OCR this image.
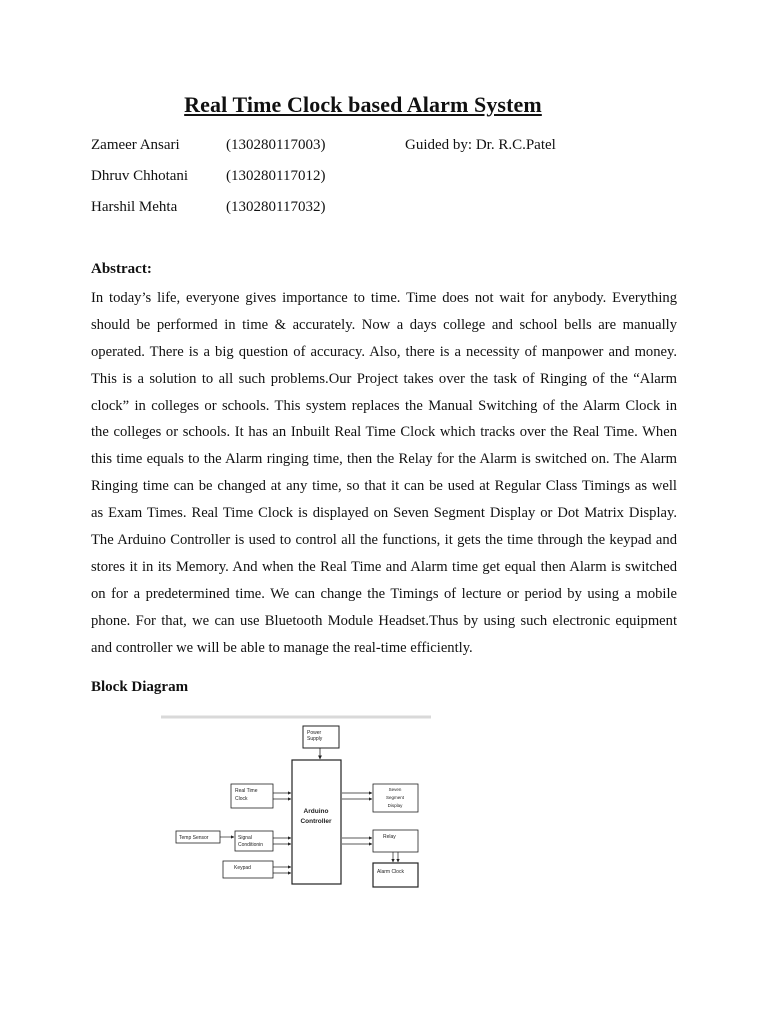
Real Time Clock based Alarm System
Zameer Ansari	(130280117003)	Guided by: Dr. R.C.Patel
Dhruv Chhotani	(130280117012)
Harshil Mehta	(130280117032)
Abstract:
In today’s life, everyone gives importance to time. Time does not wait for anybody. Everything
should be performed in time & accurately. Now a days college and school bells are manually
operated. There is a big question of accuracy. Also, there is a necessity of manpower and money.
This is a solution to all such problems.Our Project takes over the task of Ringing of the “Alarm
clock” in colleges or schools. This system replaces the Manual Switching of the Alarm Clock in
the colleges or schools. It has an Inbuilt Real Time Clock which tracks over the Real Time. When
this time equals to the Alarm ringing time, then the Relay for the Alarm is switched on. The Alarm
Ringing time can be changed at any time, so that it can be used at Regular Class Timings as well
as Exam Times. Real Time Clock is displayed on Seven Segment Display or Dot Matrix Display.
The Arduino Controller is used to control all the functions, it gets the time through the keypad and
stores it in its Memory. And when the Real Time and Alarm time get equal then Alarm is switched
on for a predetermined time. We can change the Timings of lecture or period by using a mobile
phone. For that, we can use Bluetooth Module Headset.Thus by using such electronic equipment
and controller we will be able to manage the real-time efficiently.
Block Diagram
Power
Supply
Arduino
Controller
Real Time
Clock
Temp Sensor	Signal
Conditionin
Keypad
Seven
Segment
Display
Relay
Alarm Clock
